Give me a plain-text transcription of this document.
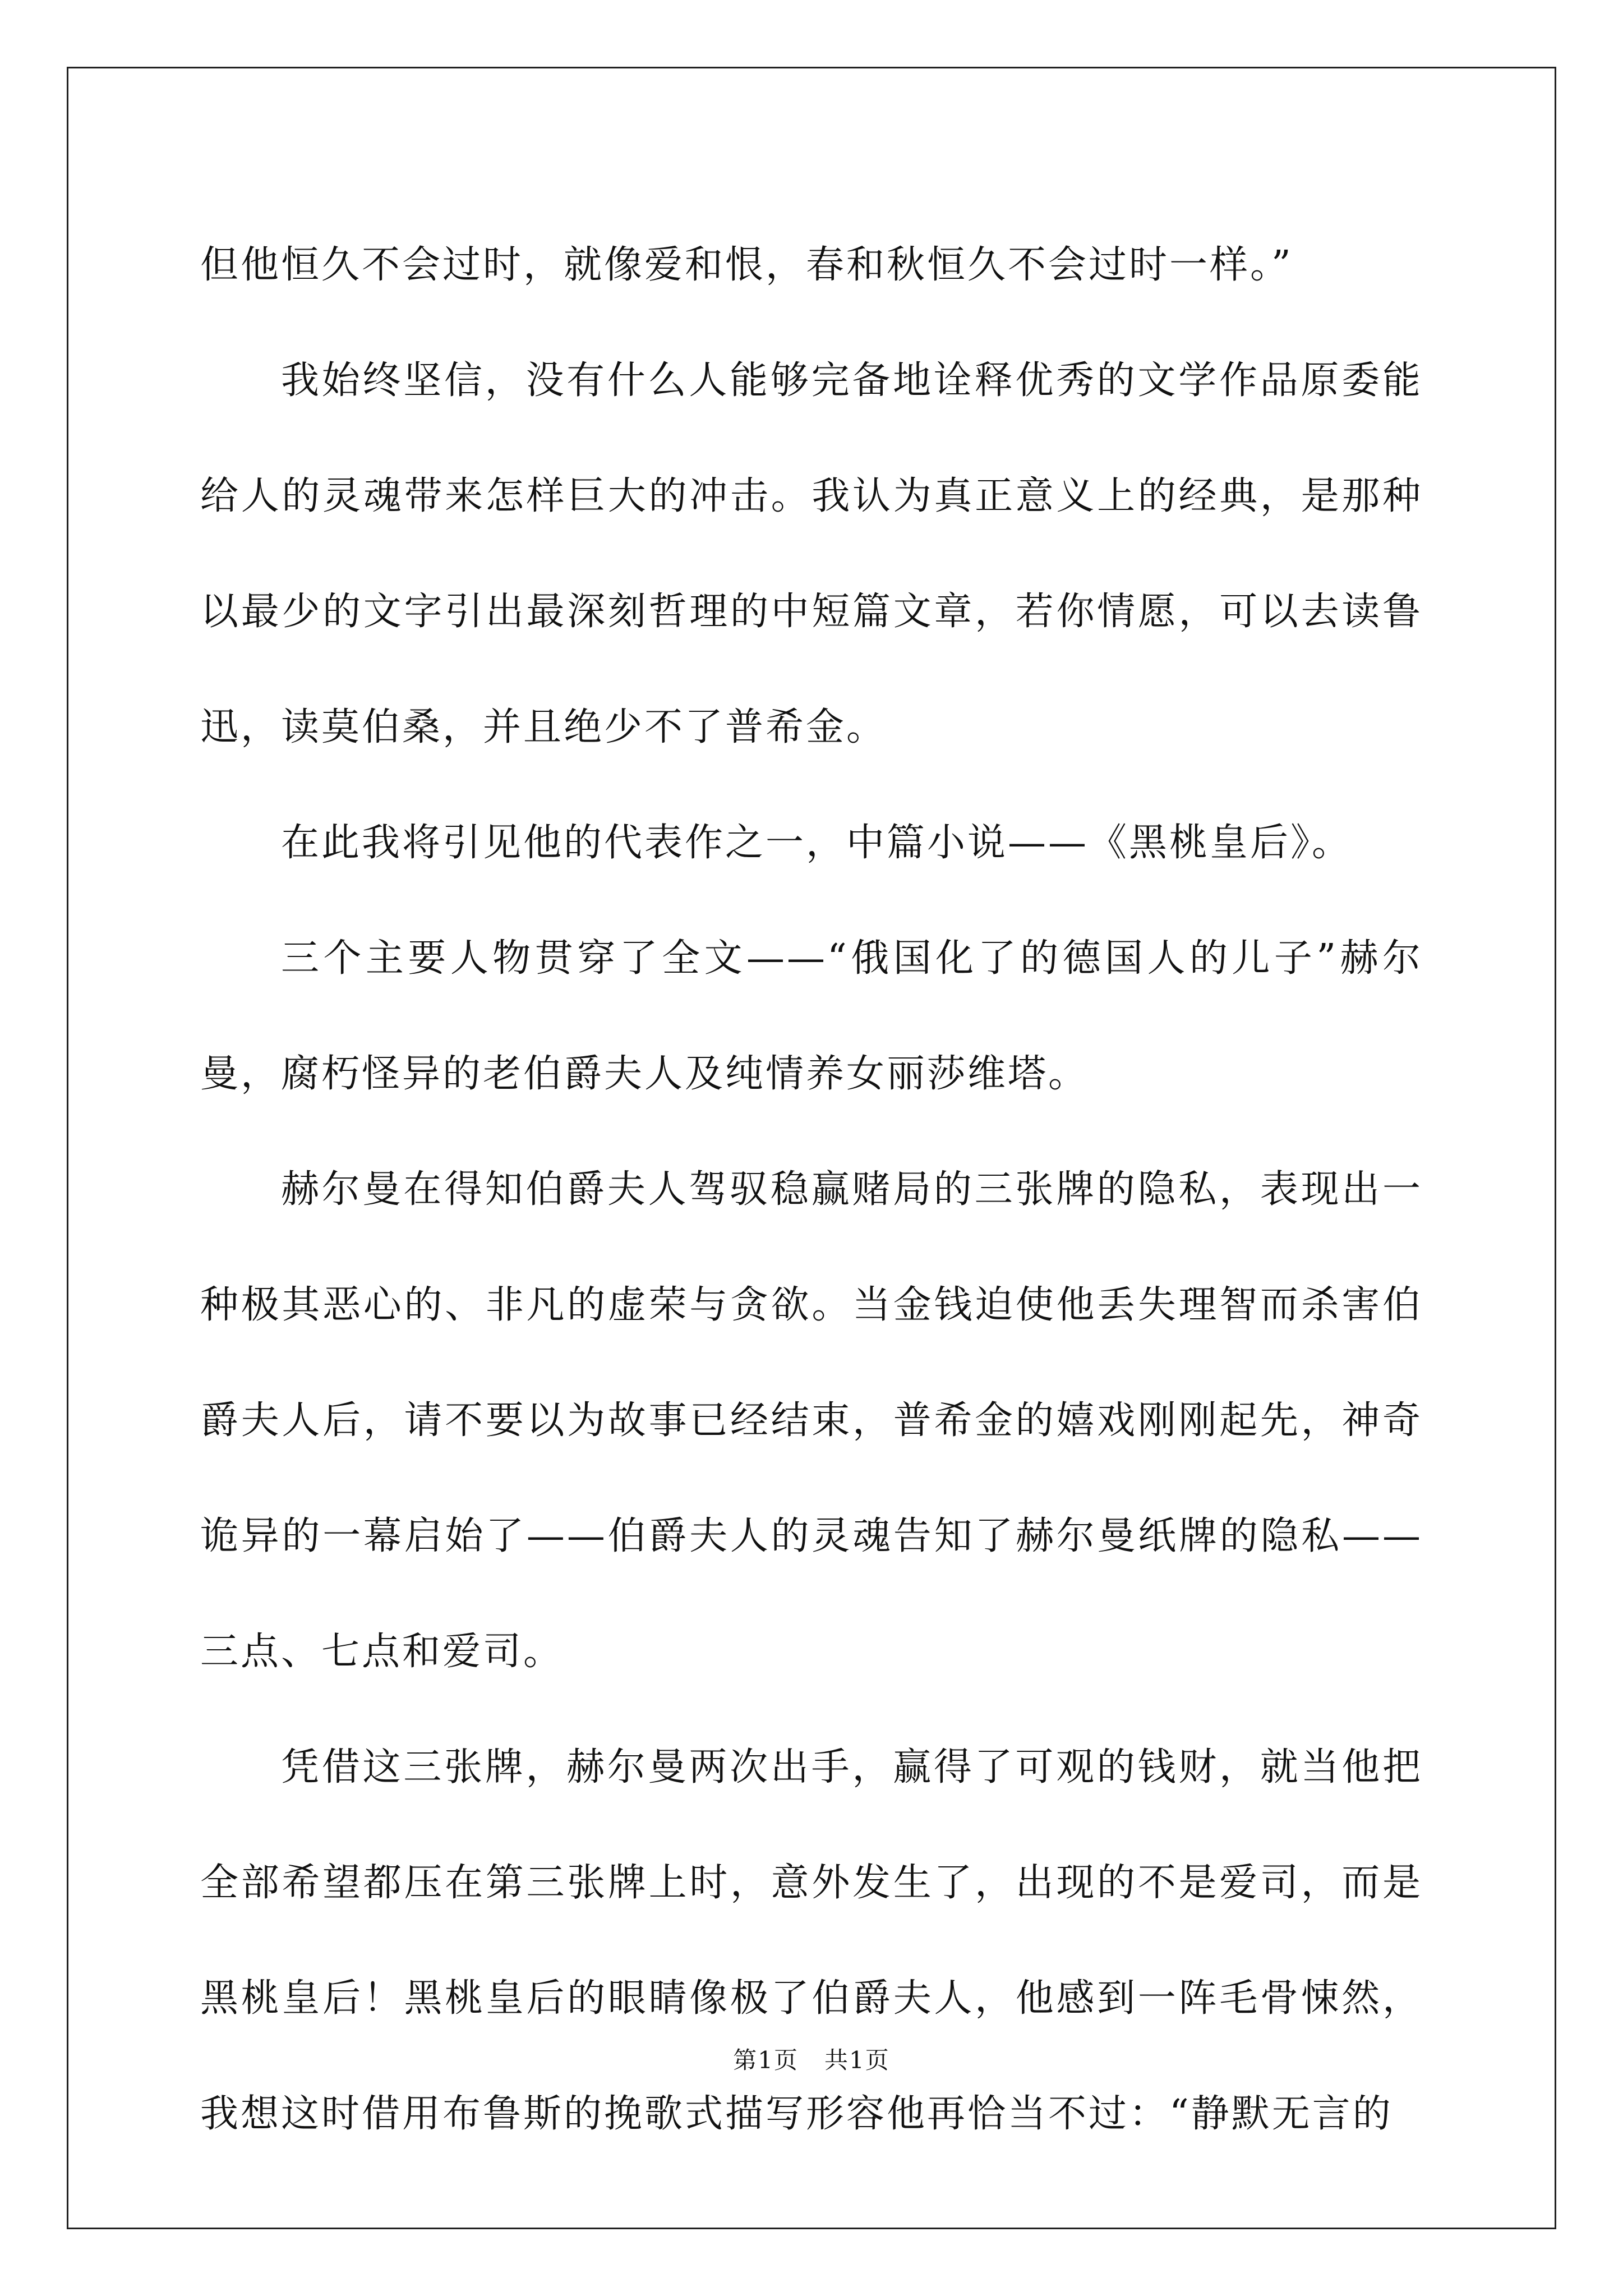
但他恒久不会过时，就像爱和恨，春和秋恒久不会过时一样。”

我始终坚信，没有什么人能够完备地诠释优秀的文学作品原委能给人的灵魂带来怎样巨大的冲击。我认为真正意义上的经典，是那种以最少的文字引出最深刻哲理的中短篇文章，若你情愿，可以去读鲁迅，读莫伯桑，并且绝少不了普希金。

在此我将引见他的代表作之一，中篇小说——《黑桃皇后》。

三个主要人物贯穿了全文——“俄国化了的德国人的儿子”赫尔曼，腐朽怪异的老伯爵夫人及纯情养女丽莎维塔。

赫尔曼在得知伯爵夫人驾驭稳赢赌局的三张牌的隐私，表现出一种极其恶心的、非凡的虚荣与贪欲。当金钱迫使他丢失理智而杀害伯爵夫人后，请不要以为故事已经结束，普希金的嬉戏刚刚起先，神奇诡异的一幕启始了——伯爵夫人的灵魂告知了赫尔曼纸牌的隐私——三点、七点和爱司。

凭借这三张牌，赫尔曼两次出手，赢得了可观的钱财，就当他把全部希望都压在第三张牌上时，意外发生了，出现的不是爱司，而是黑桃皇后！黑桃皇后的眼睛像极了伯爵夫人，他感到一阵毛骨悚然，我想这时借用布鲁斯的挽歌式描写形容他再恰当不过：“静默无言的

第1页   共1页
